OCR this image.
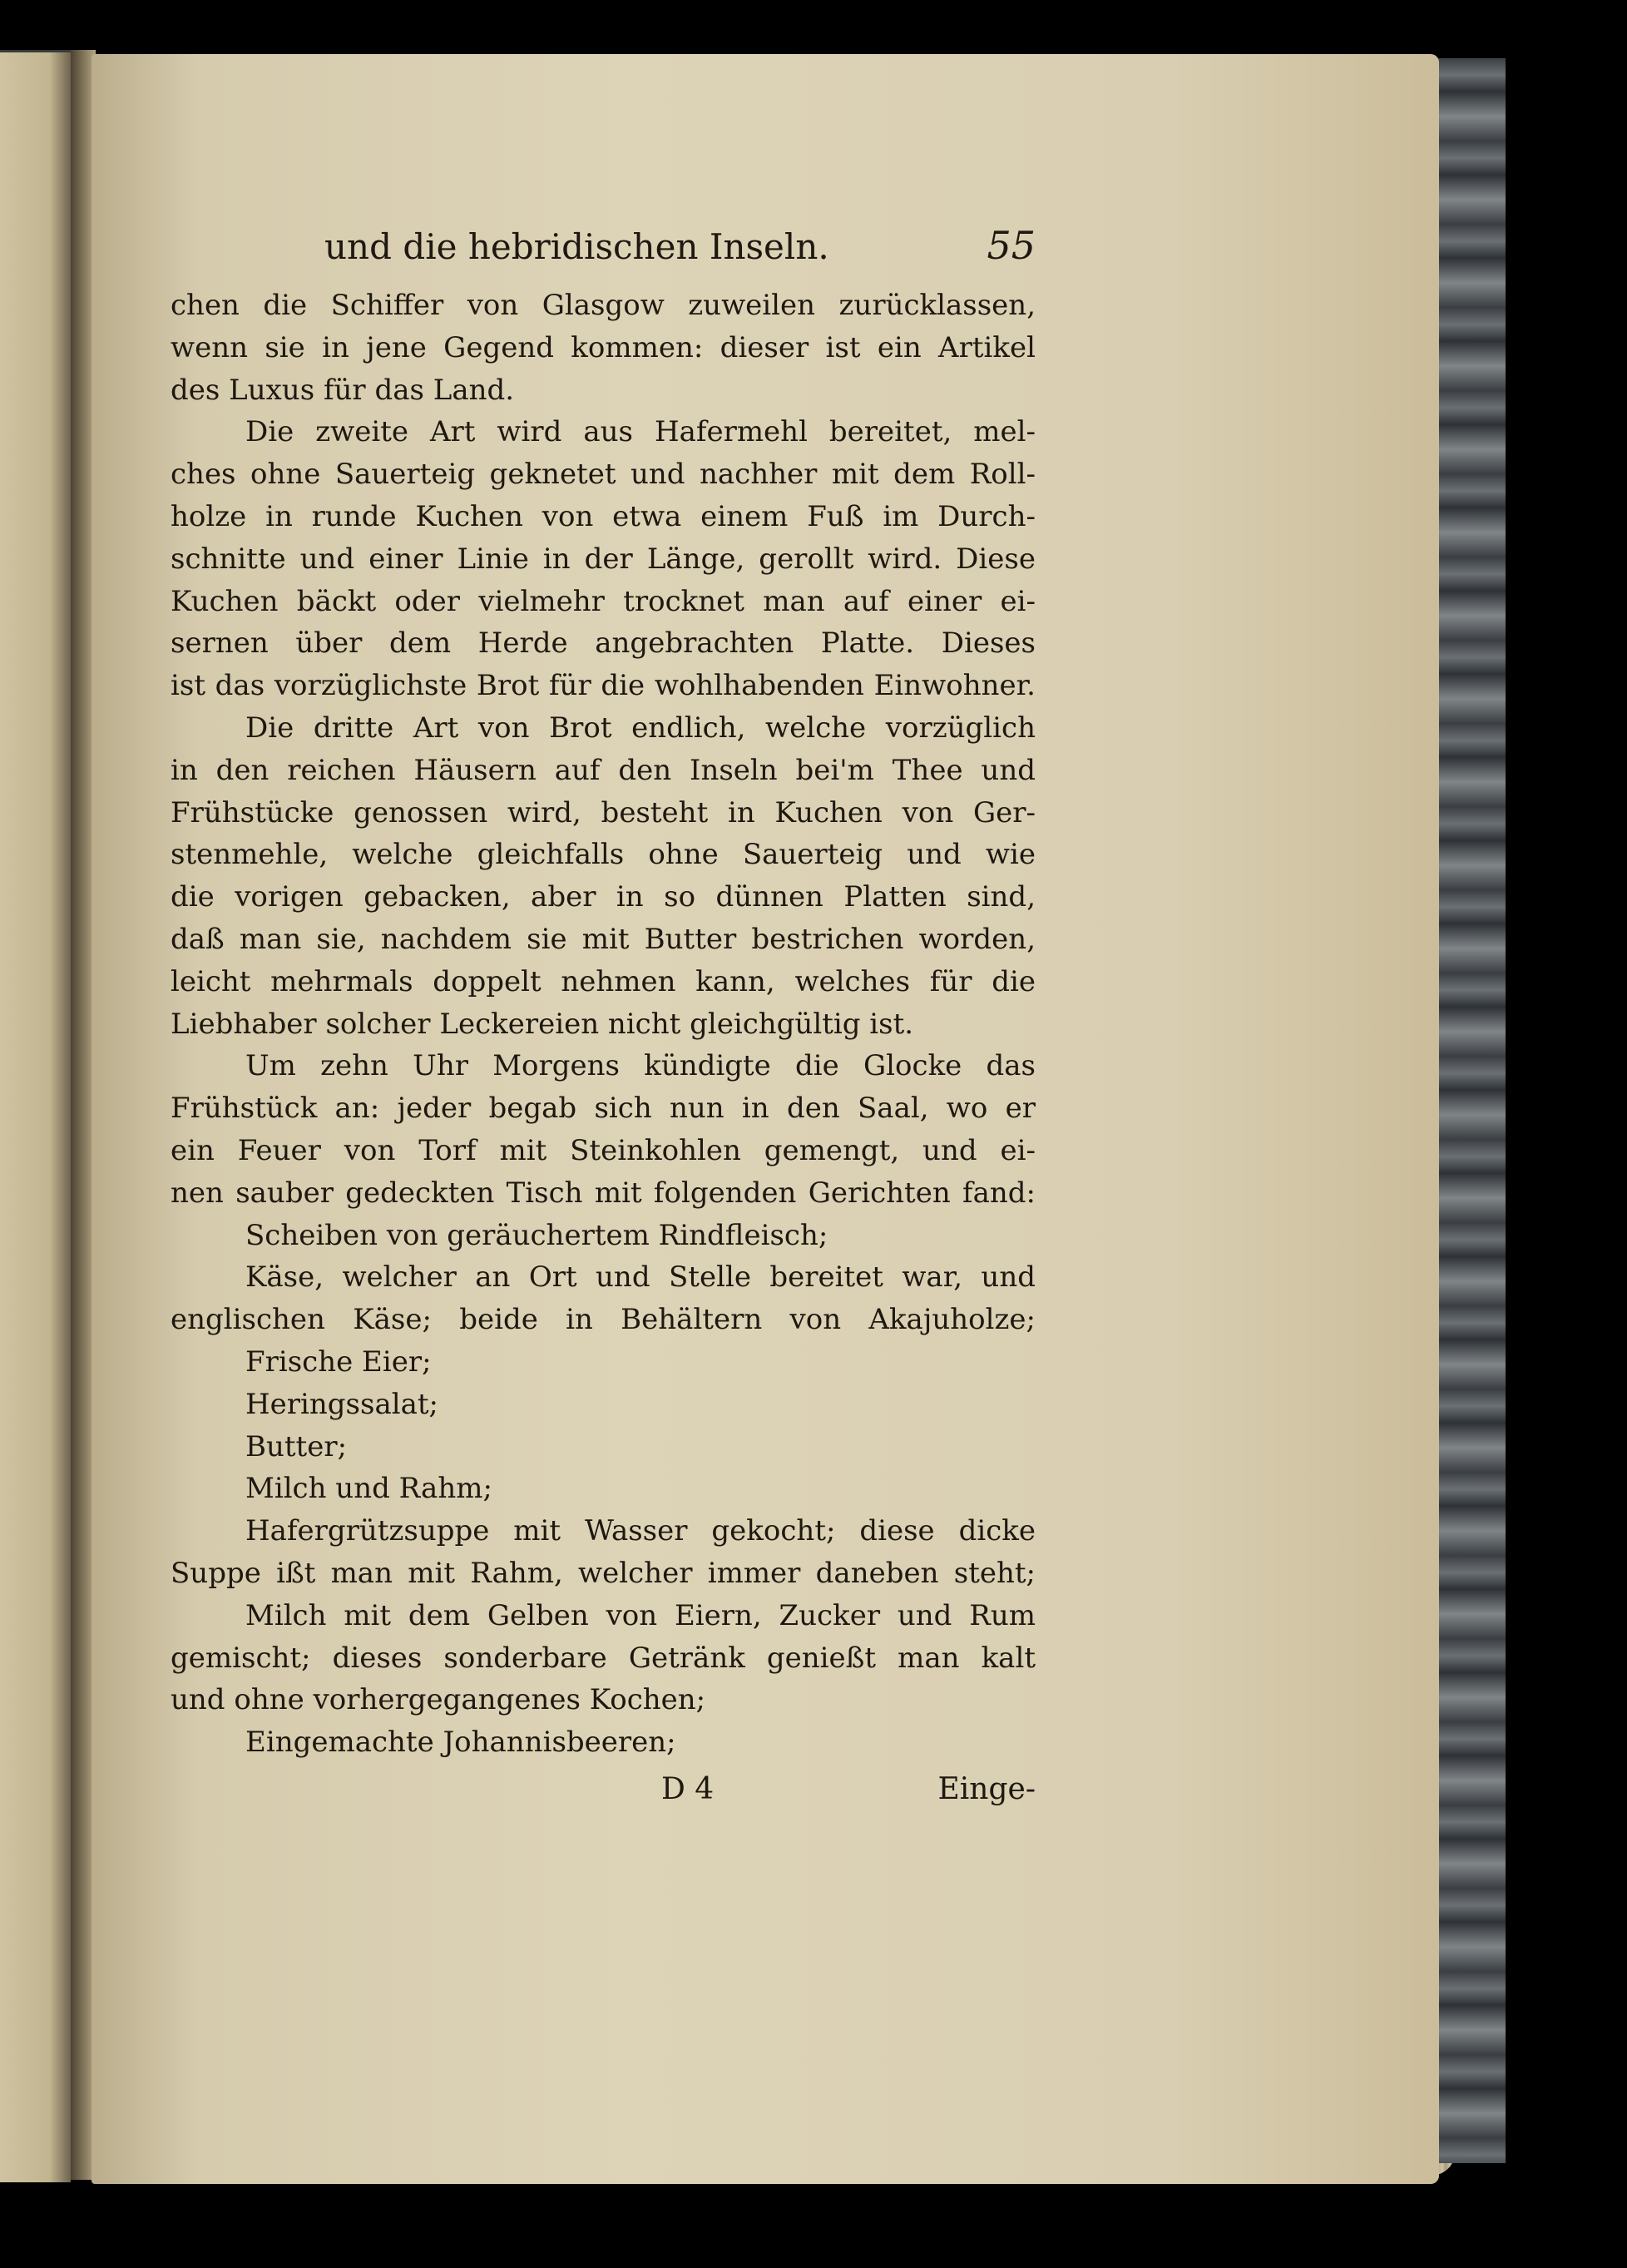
und die hebridischen Inseln.	55
chen die Schiffer von Glasgow zuweilen zurücklassen,
wenn sie in jene Gegend kommen: dieser ist ein Artikel
des Luxus für das Land.
Die zweite Art wird aus Hafermehl bereitet, mel-
ches ohne Sauerteig geknetet und nachher mit dem Roll-
holze in runde Kuchen von etwa einem Fuß im Durch-
schnitte und einer Linie in der Länge, gerollt wird. Diese
Kuchen bäckt oder vielmehr trocknet man auf einer ei-
sernen über dem Herde angebrachten Platte. Dieses
ist das vorzüglichste Brot für die wohlhabenden Einwohner.
Die dritte Art von Brot endlich, welche vorzüglich
in den reichen Häusern auf den Inseln bei'm Thee und
Frühstücke genossen wird, besteht in Kuchen von Ger-
stenmehle, welche gleichfalls ohne Sauerteig und wie
die vorigen gebacken, aber in so dünnen Platten sind,
daß man sie, nachdem sie mit Butter bestrichen worden,
leicht mehrmals doppelt nehmen kann, welches für die
Liebhaber solcher Leckereien nicht gleichgültig ist.
Um zehn Uhr Morgens kündigte die Glocke das
Frühstück an: jeder begab sich nun in den Saal, wo er
ein Feuer von Torf mit Steinkohlen gemengt, und ei-
nen sauber gedeckten Tisch mit folgenden Gerichten fand:
Scheiben von geräuchertem Rindfleisch;
Käse, welcher an Ort und Stelle bereitet war, und
englischen Käse; beide in Behältern von Akajuholze;
Frische Eier;
Heringssalat;
Butter;
Milch und Rahm;
Hafergrützsuppe mit Wasser gekocht; diese dicke
Suppe ißt man mit Rahm, welcher immer daneben steht;
Milch mit dem Gelben von Eiern, Zucker und Rum
gemischt; dieses sonderbare Getränk genießt man kalt
und ohne vorhergegangenes Kochen;
Eingemachte Johannisbeeren;
D 4	Einge-
